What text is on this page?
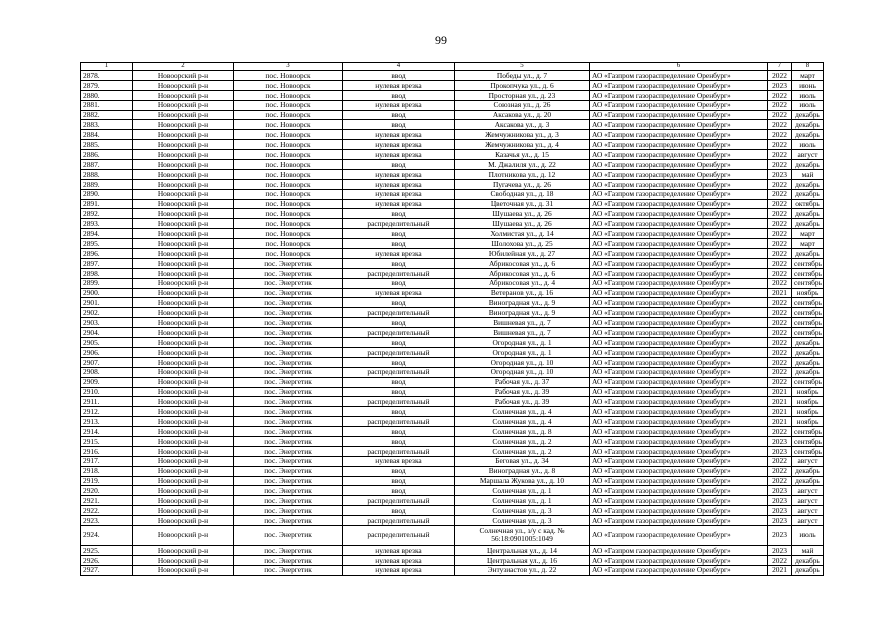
99
1	2	3	4	5	6	7	8
2878.	Новоорский р-н	пос. Новоорск	ввод	Победы ул., д. 7	АО «Газпром газораспределение Оренбург»	2022	март
2879.	Новоорский р-н	пос. Новоорск	нулевая врезка	Прокопчука ул., д. 6	АО «Газпром газораспределение Оренбург»	2023	июнь
2880.	Новоорский р-н	пос. Новоорск	ввод	Просторная ул., д. 23	АО «Газпром газораспределение Оренбург»	2022	июль
2881.	Новоорский р-н	пос. Новоорск	нулевая врезка	Союзная ул., д. 26	АО «Газпром газораспределение Оренбург»	2022	июль
2882.	Новоорский р-н	пос. Новоорск	ввод	Аксакова ул., д. 20	АО «Газпром газораспределение Оренбург»	2022	декабрь
2883.	Новоорский р-н	пос. Новоорск	ввод	Аксакова ул., д. 3	АО «Газпром газораспределение Оренбург»	2022	декабрь
2884.	Новоорский р-н	пос. Новоорск	нулевая врезка	Жемчужникова ул., д. 3	АО «Газпром газораспределение Оренбург»	2022	декабрь
2885.	Новоорский р-н	пос. Новоорск	нулевая врезка	Жемчужникова ул., д. 4	АО «Газпром газораспределение Оренбург»	2022	июль
2886.	Новоорский р-н	пос. Новоорск	нулевая врезка	Казачья ул., д. 15	АО «Газпром газораспределение Оренбург»	2022	август
2887.	Новоорский р-н	пос. Новоорск	ввод	М. Джалиля ул., д. 22	АО «Газпром газораспределение Оренбург»	2022	декабрь
2888.	Новоорский р-н	пос. Новоорск	нулевая врезка	Плотникова ул., д. 12	АО «Газпром газораспределение Оренбург»	2023	май
2889.	Новоорский р-н	пос. Новоорск	нулевая врезка	Пугачева ул., д. 26	АО «Газпром газораспределение Оренбург»	2022	декабрь
2890.	Новоорский р-н	пос. Новоорск	нулевая врезка	Свободная ул., д. 18	АО «Газпром газораспределение Оренбург»	2022	декабрь
2891.	Новоорский р-н	пос. Новоорск	нулевая врезка	Цветочная ул., д. 31	АО «Газпром газораспределение Оренбург»	2022	октябрь
2892.	Новоорский р-н	пос. Новоорск	ввод	Шушаева ул., д. 26	АО «Газпром газораспределение Оренбург»	2022	декабрь
2893.	Новоорский р-н	пос. Новоорск	распределительный	Шушаева ул., д. 26	АО «Газпром газораспределение Оренбург»	2022	декабрь
2894.	Новоорский р-н	пос. Новоорск	ввод	Холмистая ул., д. 14	АО «Газпром газораспределение Оренбург»	2022	март
2895.	Новоорский р-н	пос. Новоорск	ввод	Шолохова ул., д. 25	АО «Газпром газораспределение Оренбург»	2022	март
2896.	Новоорский р-н	пос. Новоорск	нулевая врезка	Юбилейная ул., д. 27	АО «Газпром газораспределение Оренбург»	2022	декабрь
2897.	Новоорский р-н	пос. Энергетик	ввод	Абрикосовая ул., д. 6	АО «Газпром газораспределение Оренбург»	2022	сентябрь
2898.	Новоорский р-н	пос. Энергетик	распределительный	Абрикосовая ул., д. 6	АО «Газпром газораспределение Оренбург»	2022	сентябрь
2899.	Новоорский р-н	пос. Энергетик	ввод	Абрикосовая ул., д. 4	АО «Газпром газораспределение Оренбург»	2022	сентябрь
2900.	Новоорский р-н	пос. Энергетик	нулевая врезка	Ветеранов ул., д. 16	АО «Газпром газораспределение Оренбург»	2021	ноябрь
2901.	Новоорский р-н	пос. Энергетик	ввод	Виноградная ул., д. 9	АО «Газпром газораспределение Оренбург»	2022	сентябрь
2902.	Новоорский р-н	пос. Энергетик	распределительный	Виноградная ул., д. 9	АО «Газпром газораспределение Оренбург»	2022	сентябрь
2903.	Новоорский р-н	пос. Энергетик	ввод	Вишневая ул., д. 7	АО «Газпром газораспределение Оренбург»	2022	сентябрь
2904.	Новоорский р-н	пос. Энергетик	распределительный	Вишневая ул., д. 7	АО «Газпром газораспределение Оренбург»	2022	сентябрь
2905.	Новоорский р-н	пос. Энергетик	ввод	Огородная ул., д. 1	АО «Газпром газораспределение Оренбург»	2022	декабрь
2906.	Новоорский р-н	пос. Энергетик	распределительный	Огородная ул., д. 1	АО «Газпром газораспределение Оренбург»	2022	декабрь
2907.	Новоорский р-н	пос. Энергетик	ввод	Огородная ул., д. 10	АО «Газпром газораспределение Оренбург»	2022	декабрь
2908.	Новоорский р-н	пос. Энергетик	распределительный	Огородная ул., д. 10	АО «Газпром газораспределение Оренбург»	2022	декабрь
2909.	Новоорский р-н	пос. Энергетик	ввод	Рабочая ул., д. 37	АО «Газпром газораспределение Оренбург»	2022	сентябрь
2910.	Новоорский р-н	пос. Энергетик	ввод	Рабочая ул., д. 39	АО «Газпром газораспределение Оренбург»	2021	ноябрь
2911.	Новоорский р-н	пос. Энергетик	распределительный	Рабочая ул., д. 39	АО «Газпром газораспределение Оренбург»	2021	ноябрь
2912.	Новоорский р-н	пос. Энергетик	ввод	Солнечная ул., д. 4	АО «Газпром газораспределение Оренбург»	2021	ноябрь
2913.	Новоорский р-н	пос. Энергетик	распределительный	Солнечная ул., д. 4	АО «Газпром газораспределение Оренбург»	2021	ноябрь
2914.	Новоорский р-н	пос. Энергетик	ввод	Солнечная ул., д. 8	АО «Газпром газораспределение Оренбург»	2022	сентябрь
2915.	Новоорский р-н	пос. Энергетик	ввод	Солнечная ул., д. 2	АО «Газпром газораспределение Оренбург»	2023	сентябрь
2916.	Новоорский р-н	пос. Энергетик	распределительный	Солнечная ул., д. 2	АО «Газпром газораспределение Оренбург»	2023	сентябрь
2917.	Новоорский р-н	пос. Энергетик	нулевая врезка	Беговая ул., д. 34	АО «Газпром газораспределение Оренбург»	2022	август
2918.	Новоорский р-н	пос. Энергетик	ввод	Виноградная ул., д. 8	АО «Газпром газораспределение Оренбург»	2022	декабрь
2919.	Новоорский р-н	пос. Энергетик	ввод	Маршала Жукова ул., д. 10	АО «Газпром газораспределение Оренбург»	2022	декабрь
2920.	Новоорский р-н	пос. Энергетик	ввод	Солнечная ул., д. 1	АО «Газпром газораспределение Оренбург»	2023	август
2921.	Новоорский р-н	пос. Энергетик	распределительный	Солнечная ул., д. 1	АО «Газпром газораспределение Оренбург»	2023	август
2922.	Новоорский р-н	пос. Энергетик	ввод	Солнечная ул., д. 3	АО «Газпром газораспределение Оренбург»	2023	август
2923.	Новоорский р-н	пос. Энергетик	распределительный	Солнечная ул., д. 3	АО «Газпром газораспределение Оренбург»	2023	август
2924.	Новоорский р-н	пос. Энергетик	распределительный	Солнечная ул., з/у с кад. № 56:18:0901005:1049	АО «Газпром газораспределение Оренбург»	2023	июль
2925.	Новоорский р-н	пос. Энергетик	нулевая врезка	Центральная ул., д. 14	АО «Газпром газораспределение Оренбург»	2023	май
2926.	Новоорский р-н	пос. Энергетик	нулевая врезка	Центральная ул., д. 16	АО «Газпром газораспределение Оренбург»	2022	декабрь
2927.	Новоорский р-н	пос. Энергетик	нулевая врезка	Энтузиастов ул., д. 22	АО «Газпром газораспределение Оренбург»	2021	декабрь
